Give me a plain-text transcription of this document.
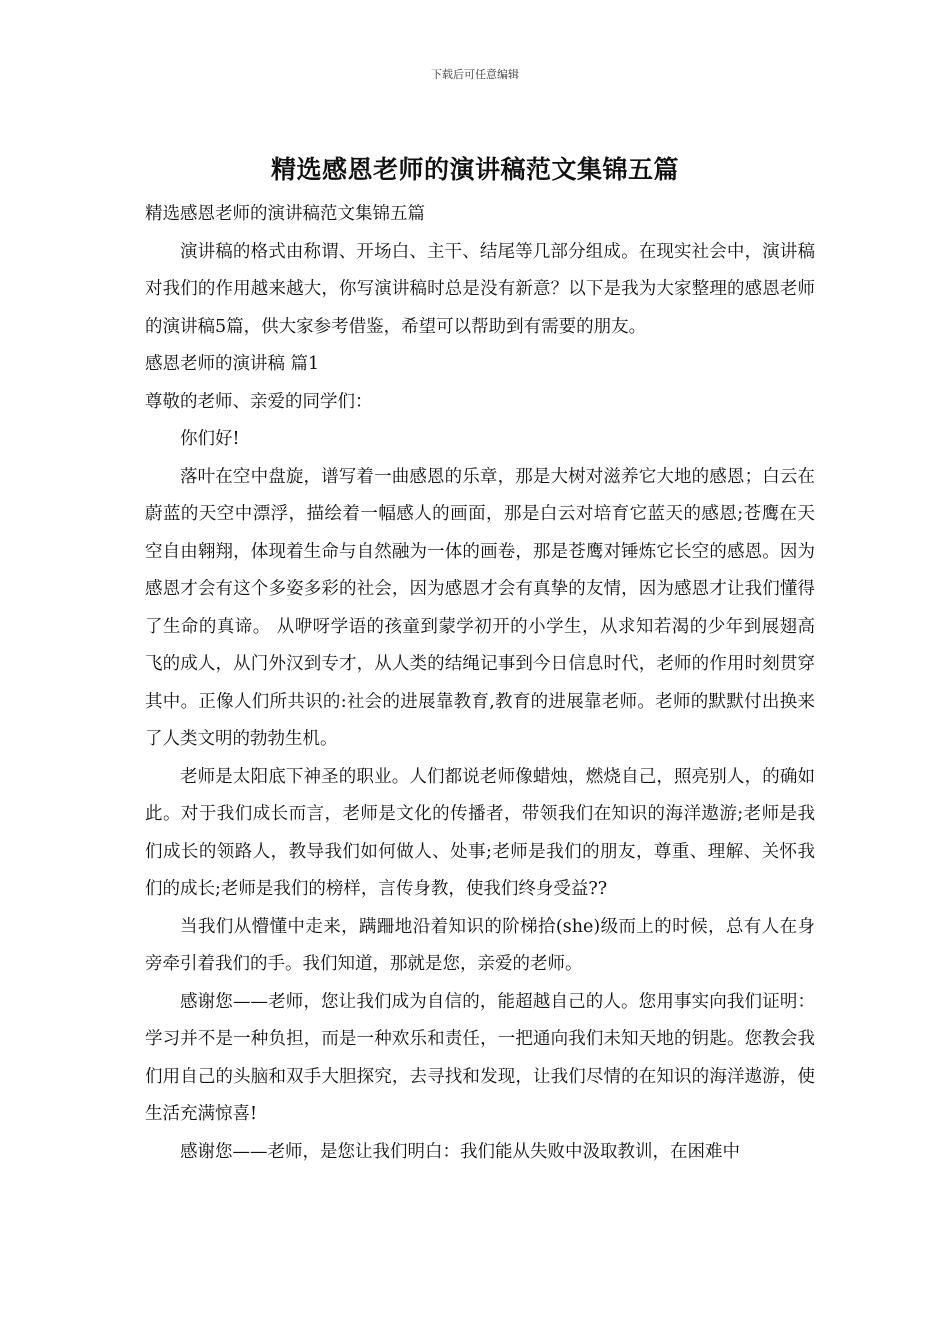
下载后可任意编辑
精选感恩老师的演讲稿范文集锦五篇

精选感恩老师的演讲稿范文集锦五篇

演讲稿的格式由称谓、开场白、主干、结尾等几部分组成。在现实社会中，演讲稿对我们的作用越来越大，你写演讲稿时总是没有新意？以下是我为大家整理的感恩老师的演讲稿5篇，供大家参考借鉴，希望可以帮助到有需要的朋友。

感恩老师的演讲稿 篇1

尊敬的老师、亲爱的同学们：

你们好!

落叶在空中盘旋，谱写着一曲感恩的乐章，那是大树对滋养它大地的感恩；白云在蔚蓝的天空中漂浮，描绘着一幅感人的画面，那是白云对培育它蓝天的感恩;苍鹰在天空自由翱翔，体现着生命与自然融为一体的画卷，那是苍鹰对锤炼它长空的感恩。因为感恩才会有这个多姿多彩的社会，因为感恩才会有真挚的友情，因为感恩才让我们懂得了生命的真谛。 从咿呀学语的孩童到蒙学初开的小学生，从求知若渴的少年到展翅高飞的成人，从门外汉到专才，从人类的结绳记事到今日信息时代，老师的作用时刻贯穿其中。正像人们所共识的:社会的进展靠教育,教育的进展靠老师。老师的默默付出换来了人类文明的勃勃生机。

老师是太阳底下神圣的职业。人们都说老师像蜡烛，燃烧自己，照亮别人，的确如此。对于我们成长而言，老师是文化的传播者，带领我们在知识的海洋遨游;老师是我们成长的领路人，教导我们如何做人、处事;老师是我们的朋友，尊重、理解、关怀我们的成长;老师是我们的榜样，言传身教，使我们终身受益??

当我们从懵懂中走来，蹒跚地沿着知识的阶梯拾(she)级而上的时候，总有人在身旁牵引着我们的手。我们知道，那就是您，亲爱的老师。

感谢您——老师，您让我们成为自信的，能超越自己的人。您用事实向我们证明：学习并不是一种负担，而是一种欢乐和责任，一把通向我们未知天地的钥匙。您教会我们用自己的头脑和双手大胆探究，去寻找和发现，让我们尽情的在知识的海洋遨游，使生活充满惊喜!

感谢您——老师，是您让我们明白：我们能从失败中汲取教训，在困难中
